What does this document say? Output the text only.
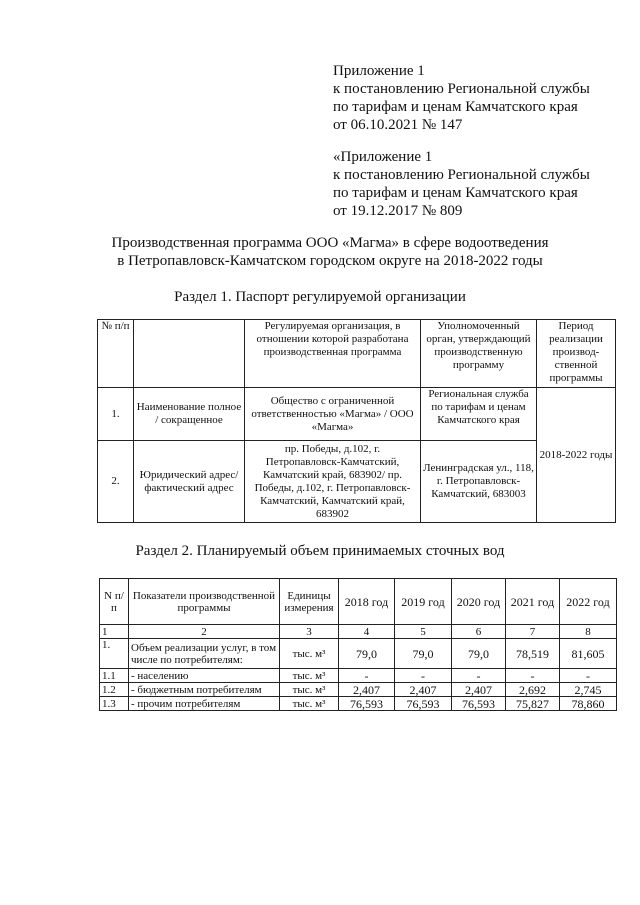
Приложение 1
к постановлению Региональной службы
по тарифам и ценам Камчатского края
от 06.10.2021 № 147
«Приложение 1
к постановлению Региональной службы
по тарифам и ценам Камчатского края
от 19.12.2017 № 809
Производственная программа ООО «Магма» в сфере водоотведения
в Петропавловск-Камчатском городском округе на 2018-2022 годы
Раздел 1. Паспорт регулируемой организации
№ п/п		Регулируемая организация, в отношении которой разработана производственная программа	Уполномоченный орган, утверждающий производственную программу	Период реализации производ-ственной программы
1.	Наименование полное / сокращенное	Общество с ограниченной ответственностью «Магма» / ООО «Магма»	Региональная служба по тарифам и ценам Камчатского края	2018-2022 годы
2.	Юридический адрес/фактический адрес	пр. Победы, д.102, г. Петропавловск-Камчатский, Камчатский край, 683902/ пр. Победы, д.102, г. Петропавловск-Камчатский, Камчатский край, 683902	Ленинградская ул., 118, г. Петропавловск-Камчатский, 683003	
Раздел 2. Планируемый объем принимаемых сточных вод
N п/п	Показатели производственной программы	Единицы измерения	2018 год	2019 год	2020 год	2021 год	2022 год
1	2	3	4	5	6	7	8
1.	Объем реализации услуг, в том числе по потребителям:	тыс. м³	79,0	79,0	79,0	78,519	81,605
1.1	- населению	тыс. м³	-	-	-	-	-
1.2	- бюджетным потребителям	тыс. м³	2,407	2,407	2,407	2,692	2,745
1.3	- прочим потребителям	тыс. м³	76,593	76,593	76,593	75,827	78,860
